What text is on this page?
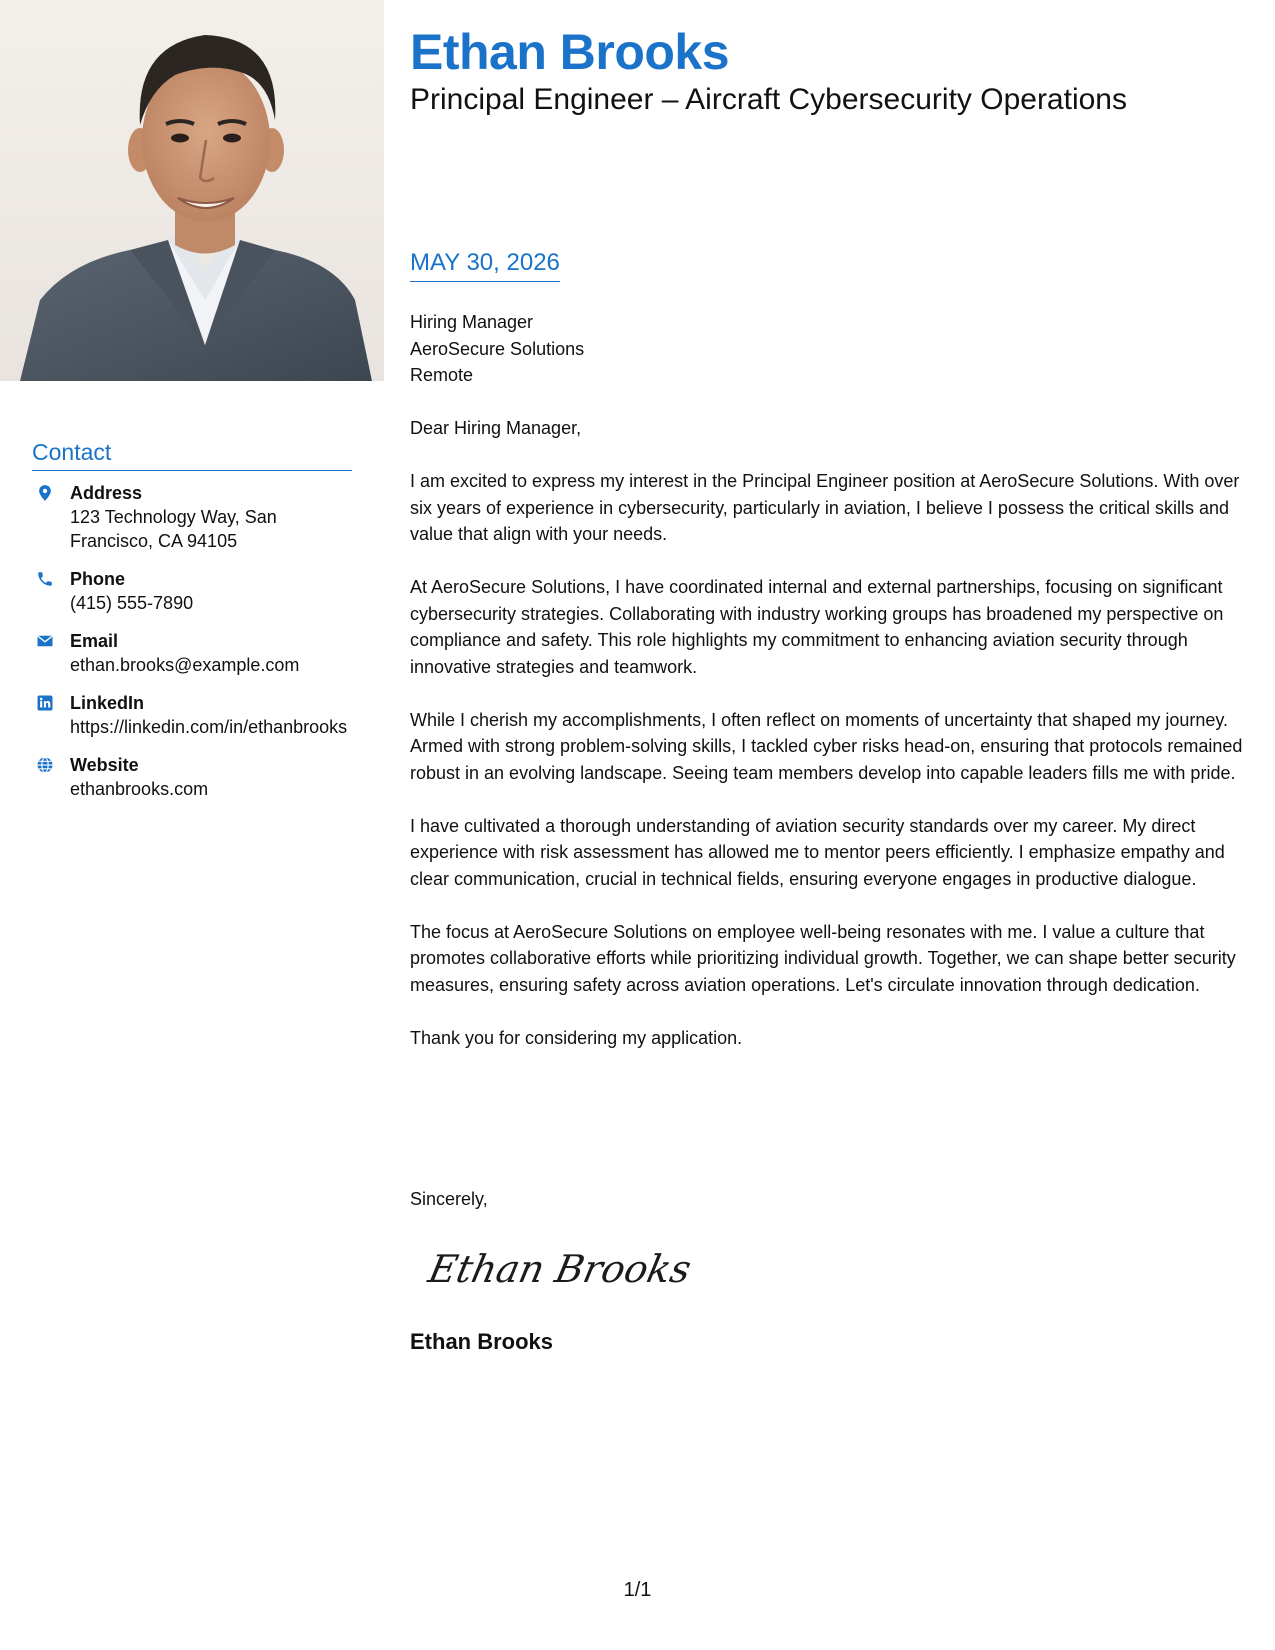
Contact
Address
123 Technology Way, San Francisco, CA 94105
Phone
(415) 555-7890
Email
ethan.brooks@example.com
LinkedIn
https://linkedin.com/in/ethanbrooks
Website
ethanbrooks.com
Ethan Brooks
Principal Engineer – Aircraft Cybersecurity Operations
MAY 30, 2026
Hiring Manager
AeroSecure Solutions
Remote

Dear Hiring Manager,

I am excited to express my interest in the Principal Engineer position at AeroSecure Solutions. With over six years of experience in cybersecurity, particularly in aviation, I believe I possess the critical skills and value that align with your needs.

At AeroSecure Solutions, I have coordinated internal and external partnerships, focusing on significant cybersecurity strategies. Collaborating with industry working groups has broadened my perspective on compliance and safety. This role highlights my commitment to enhancing aviation security through innovative strategies and teamwork.

While I cherish my accomplishments, I often reflect on moments of uncertainty that shaped my journey. Armed with strong problem-solving skills, I tackled cyber risks head-on, ensuring that protocols remained robust in an evolving landscape. Seeing team members develop into capable leaders fills me with pride.

I have cultivated a thorough understanding of aviation security standards over my career. My direct experience with risk assessment has allowed me to mentor peers efficiently. I emphasize empathy and clear communication, crucial in technical fields, ensuring everyone engages in productive dialogue.

The focus at AeroSecure Solutions on employee well-being resonates with me. I value a culture that promotes collaborative efforts while prioritizing individual growth. Together, we can shape better security measures, ensuring safety across aviation operations. Let's circulate innovation through dedication.

Thank you for considering my application.

Sincerely,
Ethan Brooks
Ethan Brooks
1/1
